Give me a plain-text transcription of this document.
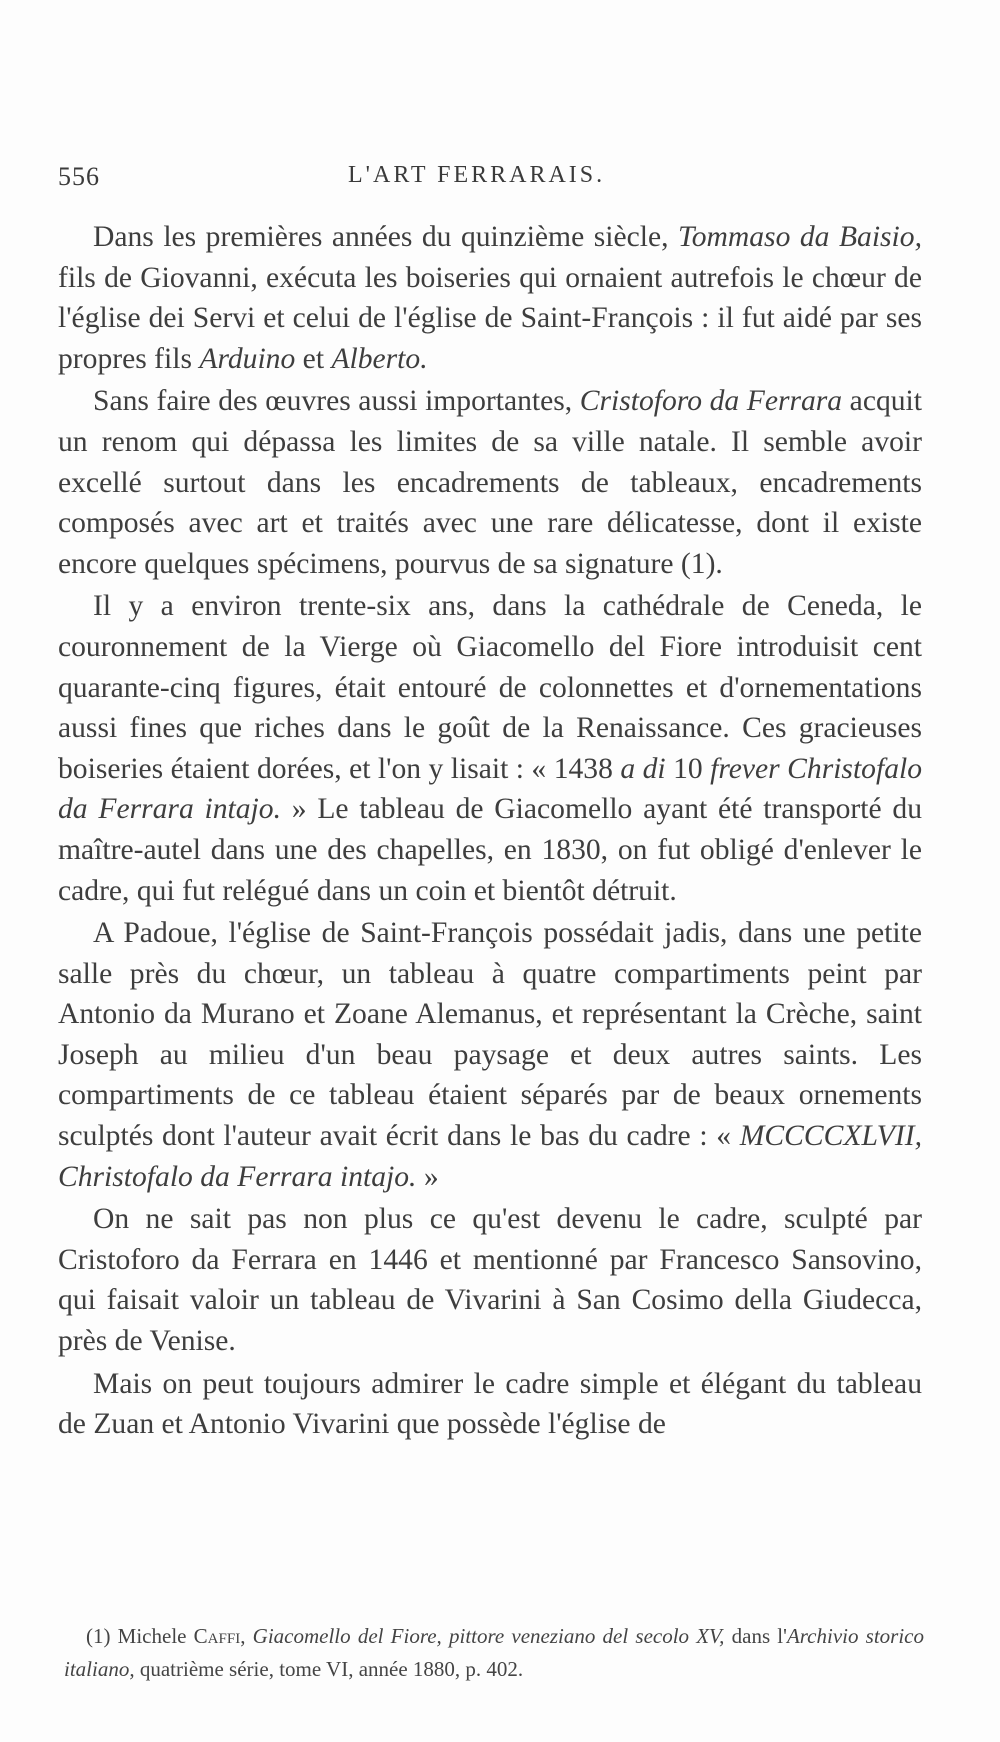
556	L'ART FERRARAIS.

Dans les premières années du quinzième siècle, Tommaso da Baisio, fils de Giovanni, exécuta les boiseries qui ornaient autrefois le chœur de l'église dei Servi et celui de l'église de Saint-François : il fut aidé par ses propres fils Arduino et Alberto.

Sans faire des œuvres aussi importantes, Cristoforo da Ferrara acquit un renom qui dépassa les limites de sa ville natale. Il semble avoir excellé surtout dans les encadrements de tableaux, encadrements composés avec art et traités avec une rare délicatesse, dont il existe encore quelques spécimens, pourvus de sa signature (1).

Il y a environ trente-six ans, dans la cathédrale de Ceneda, le couronnement de la Vierge où Giacomello del Fiore introduisit cent quarante-cinq figures, était entouré de colonnettes et d'ornementations aussi fines que riches dans le goût de la Renaissance. Ces gracieuses boiseries étaient dorées, et l'on y lisait : « 1438 a di 10 frever Christofalo da Ferrara intajo. » Le tableau de Giacomello ayant été transporté du maître-autel dans une des chapelles, en 1830, on fut obligé d'enlever le cadre, qui fut relégué dans un coin et bientôt détruit.

A Padoue, l'église de Saint-François possédait jadis, dans une petite salle près du chœur, un tableau à quatre compartiments peint par Antonio da Murano et Zoane Alemanus, et représentant la Crèche, saint Joseph au milieu d'un beau paysage et deux autres saints. Les compartiments de ce tableau étaient séparés par de beaux ornements sculptés dont l'auteur avait écrit dans le bas du cadre : « MCCCCXLVII, Christofalo da Ferrara intajo. »

On ne sait pas non plus ce qu'est devenu le cadre, sculpté par Cristoforo da Ferrara en 1446 et mentionné par Francesco Sansovino, qui faisait valoir un tableau de Vivarini à San Cosimo della Giudecca, près de Venise.

Mais on peut toujours admirer le cadre simple et élégant du tableau de Zuan et Antonio Vivarini que possède l'église de

(1) Michele Caffi, Giacomello del Fiore, pittore veneziano del secolo XV, dans l'Archivio storico italiano, quatrième série, tome VI, année 1880, p. 402.
